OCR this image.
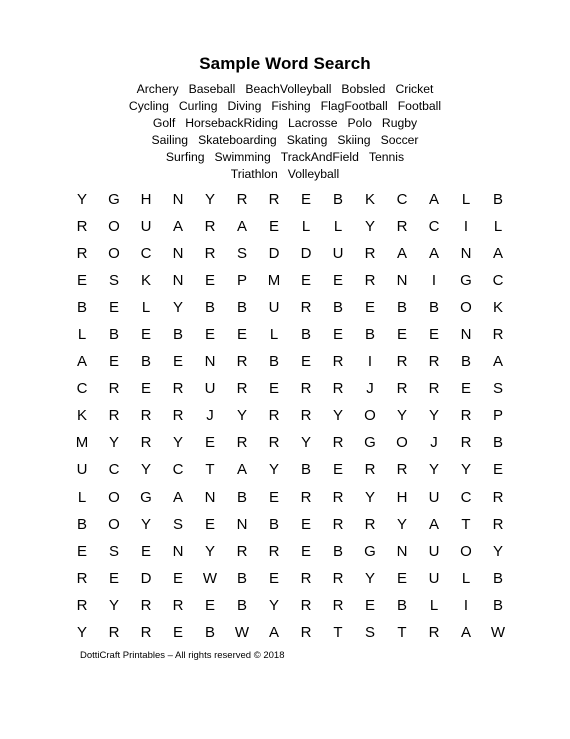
Sample Word Search
Archery Baseball BeachVolleyball Bobsled Cricket
Cycling Curling Diving Fishing FlagFootball Football
Golf HorsebackRiding Lacrosse Polo Rugby
Sailing Skateboarding Skating Skiing Soccer
Surfing Swimming TrackAndField Tennis
Triathlon Volleyball
Y	G	H	N	Y	R	R	E	B	K	C	A	L	B
R	O	U	A	R	A	E	L	L	Y	R	C	I	L
R	O	C	N	R	S	D	D	U	R	A	A	N	A
E	S	K	N	E	P	M	E	E	R	N	I	G	C
B	E	L	Y	B	B	U	R	B	E	B	B	O	K
L	B	E	B	E	E	L	B	E	B	E	E	N	R
A	E	B	E	N	R	B	E	R	I	R	R	B	A
C	R	E	R	U	R	E	R	R	J	R	R	E	S
K	R	R	R	J	Y	R	R	Y	O	Y	Y	R	P
M	Y	R	Y	E	R	R	Y	R	G	O	J	R	B
U	C	Y	C	T	A	Y	B	E	R	R	Y	Y	E
L	O	G	A	N	B	E	R	R	Y	H	U	C	R
B	O	Y	S	E	N	B	E	R	R	Y	A	T	R
E	S	E	N	Y	R	R	E	B	G	N	U	O	Y
R	E	D	E	W	B	E	R	R	Y	E	U	L	B
R	Y	R	R	E	B	Y	R	R	E	B	L	I	B
Y	R	R	E	B	W	A	R	T	S	T	R	A	W
DottiCraft Printables – All rights reserved © 2018
